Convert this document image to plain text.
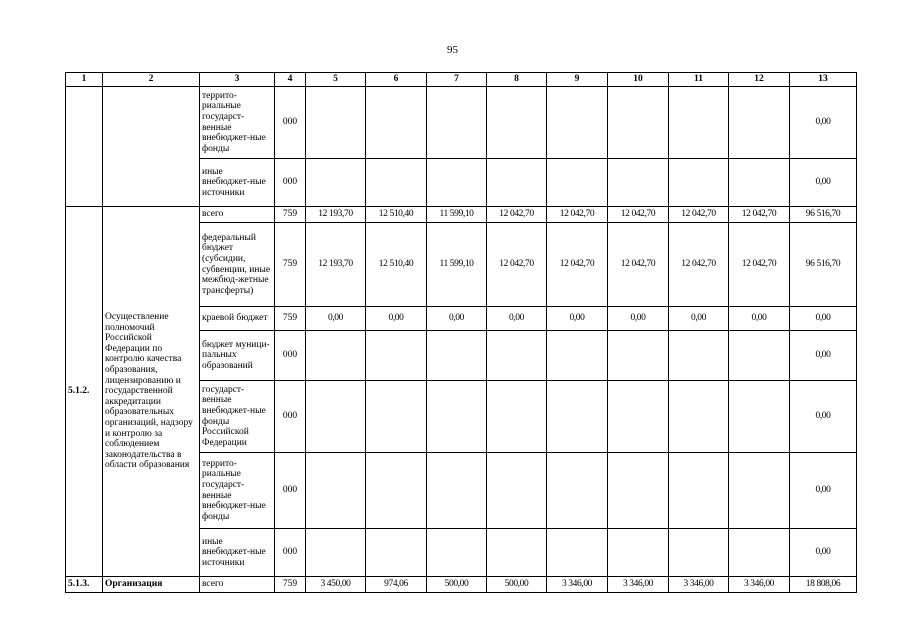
95
1	2	3	4	5	6	7	8	9	10	11	12	13
		террито-риальные государст-венные внебюджет-ные фонды	000									0,00
		иные внебюджет-ные источники	000									0,00
5.1.2.	Осуществление полномочий Российской Федерации по контролю качества образования, лицензированию и государственной аккредитации образовательных организаций, надзору и контролю за соблюдением законодательства в области образования	всего	759	12 193,70	12 510,40	11 599,10	12 042,70	12 042,70	12 042,70	12 042,70	12 042,70	96 516,70
		федеральный бюджет (субсидии, субвенции, иные межбюд-жетные трансферты)	759	12 193,70	12 510,40	11 599,10	12 042,70	12 042,70	12 042,70	12 042,70	12 042,70	96 516,70
		краевой бюджет	759	0,00	0,00	0,00	0,00	0,00	0,00	0,00	0,00	0,00
		бюджет муници-пальных образований	000									0,00
		государст-венные внебюджет-ные фонды Российской Федерации	000									0,00
		террито-риальные государст-венные внебюджет-ные фонды	000									0,00
		иные внебюджет-ные источники	000									0,00
5.1.3.	Организация	всего	759	3 450,00	974,06	500,00	500,00	3 346,00	3 346,00	3 346,00	3 346,00	18 808,06
